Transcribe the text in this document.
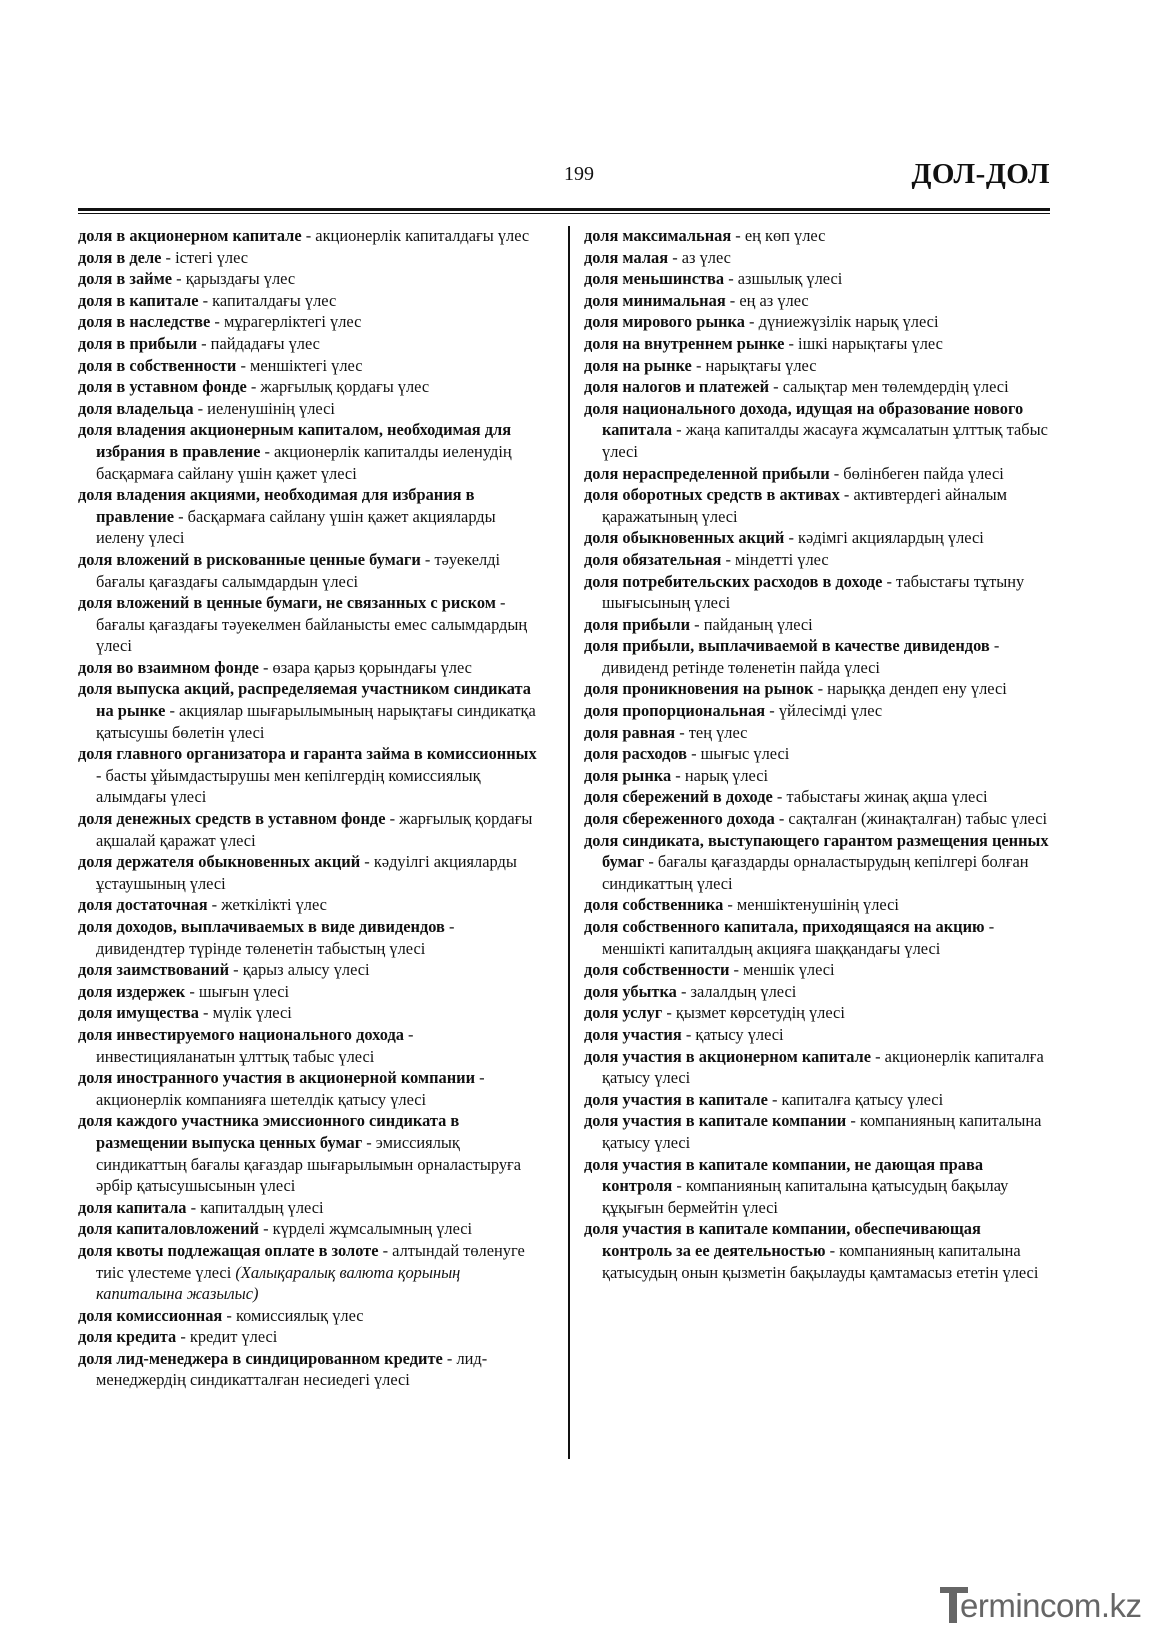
199	ДОЛ-ДОЛ

доля в акционерном капитале - акционерлік капиталдағы үлес

доля в деле - істегі үлес

доля в займе - қарыздағы үлес

доля в капитале - капиталдағы үлес

доля в наследстве - мұрагерліктегі үлес

доля в прибыли - пайдадағы үлес

доля в собственности - меншіктегі үлес

доля в уставном фонде - жарғылық қордағы үлес

доля владельца - иеленушінің үлесі

доля владения акционерным капиталом, необходимая для избрания в правление - акционерлік капиталды иеленудің басқармаға сайлану үшін қажет үлесі

доля владения акциями, необходимая для избрания в правление - басқармаға сайлану үшін қажет акцияларды иелену үлесі

доля вложений в рискованные ценные бумаги - тәуекелді бағалы қағаздағы салымдардын үлесі

доля вложений в ценные бумаги, не связанных с риском - бағалы қағаздағы тәуекелмен байланысты емес салымдардың үлесі

доля во взаимном фонде - өзара қарыз қорындағы үлес

доля выпуска акций, распределяемая участником синдиката на рынке - акциялар шығарылымының нарықтағы синдикатқа қатысушы бөлетін үлесі

доля главного организатора и гаранта займа в комиссионных - басты ұйымдастырушы мен кепілгердің комиссиялық алымдағы үлесі

доля денежных средств в уставном фонде - жарғылық қордағы ақшалай қаражат үлесі

доля держателя обыкновенных акций - кәдуілгі акцияларды ұстаушының үлесі

доля достаточная - жеткілікті үлес

доля доходов, выплачиваемых в виде дивидендов - дивидендтер түрінде төленетін табыстың үлесі

доля заимствований - қарыз алысу үлесі

доля издержек - шығын үлесі

доля имущества - мүлік үлесі

доля инвестируемого национального дохода - инвестицияланатын ұлттық табыс үлесі

доля иностранного участия в акционерной компании - акционерлік компанияға шетелдік қатысу үлесі

доля каждого участника эмиссионного синдиката в размещении выпуска ценных бумаг - эмиссиялық синдикаттың бағалы қағаздар шығарылымын орналастыруға әрбір қатысушысынын үлесі

доля капитала - капиталдың үлесі

доля капиталовложений - күрделі жұмсалымның үлесі

доля квоты подлежащая оплате в золоте - алтындай төленуге тиіс үлестеме үлесі (Халықаралық валюта қорының капиталына жазылыс)

доля комиссионная - комиссиялық үлес

доля кредита - кредит үлесі

доля лид-менеджера в синдицированном кредите - лид-менеджердің синдикатталған несиедегі үлесі

доля максимальная - ең көп үлес

доля малая - аз үлес

доля меньшинства - азшылық үлесі

доля минимальная - ең аз үлес

доля мирового рынка - дүниежүзілік нарық үлесі

доля на внутреннем рынке - ішкі нарықтағы үлес

доля на рынке - нарықтағы үлес

доля налогов и платежей - салықтар мен төлемдердің үлесі

доля национального дохода, идущая на образование нового капитала - жаңа капиталды жасауға жұмсалатын ұлттық табыс үлесі

доля нераспределенной прибыли - бөлінбеген пайда үлесі

доля оборотных средств в активах - активтердегі айналым қаражатының үлесі

доля обыкновенных акций - кәдімгі акциялардың үлесі

доля обязательная - міндетті үлес

доля потребительских расходов в доходе - табыстағы тұтыну шығысының үлесі

доля прибыли - пайданың үлесі

доля прибыли, выплачиваемой в качестве дивидендов - дивиденд ретінде төленетін пайда үлесі

доля проникновения на рынок - нарыққа дендеп ену үлесі

доля пропорциональная - үйлесімді үлес

доля равная - тең үлес

доля расходов - шығыс үлесі

доля рынка - нарық үлесі

доля сбережений в доходе - табыстағы жинақ ақша үлесі

доля сбереженного дохода - сақталған (жинақталған) табыс үлесі

доля синдиката, выступающего гарантом размещения ценных бумаг - бағалы қағаздарды орналастырудың кепілгері болған синдикаттың үлесі

доля собственника - меншіктенушінің үлесі

доля собственного капитала, приходящаяся на акцию - меншікті капиталдың акцияға шаққандағы үлесі

доля собственности - меншік үлесі

доля убытка - залалдың үлесі

доля услуг - қызмет көрсетудің үлесі

доля участия - қатысу үлесі

доля участия в акционерном капитале - акционерлік капиталға қатысу үлесі

доля участия в капитале - капиталға қатысу үлесі

доля участия в капитале компании - компанияның капиталына қатысу үлесі

доля участия в капитале компании, не дающая права контроля - компанияның капиталына қатысудың бақылау құқығын бермейтін үлесі

доля участия в капитале компании, обеспечивающая контроль за ее деятельностью - компанияның капиталына қатысудың онын қызметін бақылауды қамтамасыз ететін үлесі

ermincom.kz
